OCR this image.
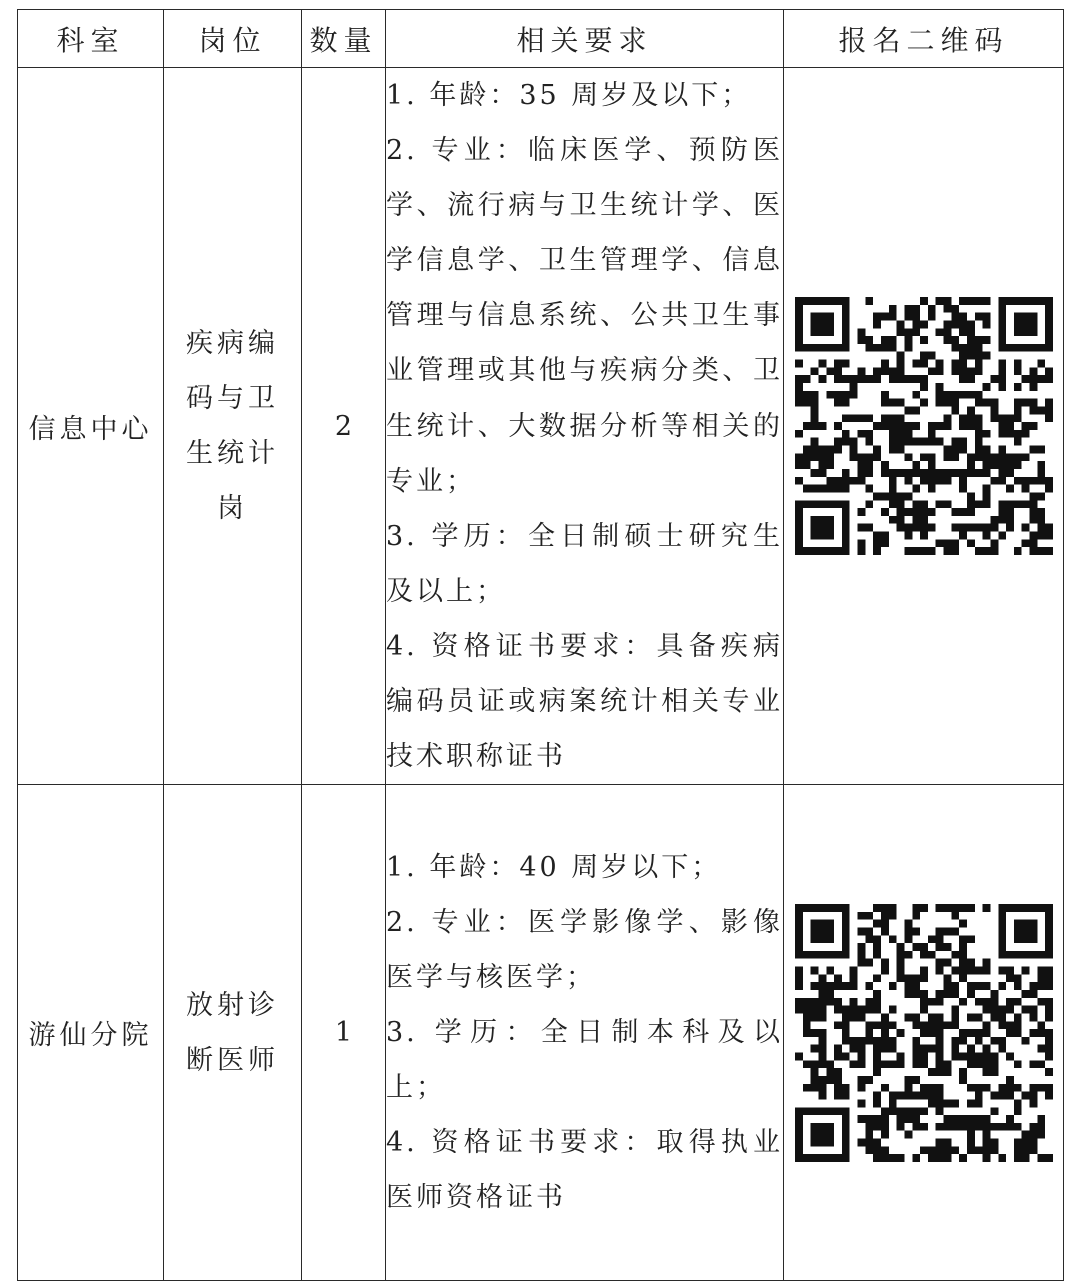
科室	岗位	数量	相关要求	报名二维码
信息中心	疾病编码与卫生统计岗	2	1. 年龄：35 周岁及以下；
2. 专业：临床医学、预防医学、流行病与卫生统计学、医学信息学、卫生管理学、信息管理与信息系统、公共卫生事业管理或其他与疾病分类、卫生统计、大数据分析等相关的专业；
3. 学历：全日制硕士研究生及以上；
4. 资格证书要求：具备疾病编码员证或病案统计相关专业技术职称证书

游仙分院	放射诊断医师	1	1. 年龄：40 周岁以下；
2. 专业：医学影像学、影像医学与核医学；
3. 学历：全日制本科及以上；
4. 资格证书要求：取得执业医师资格证书
